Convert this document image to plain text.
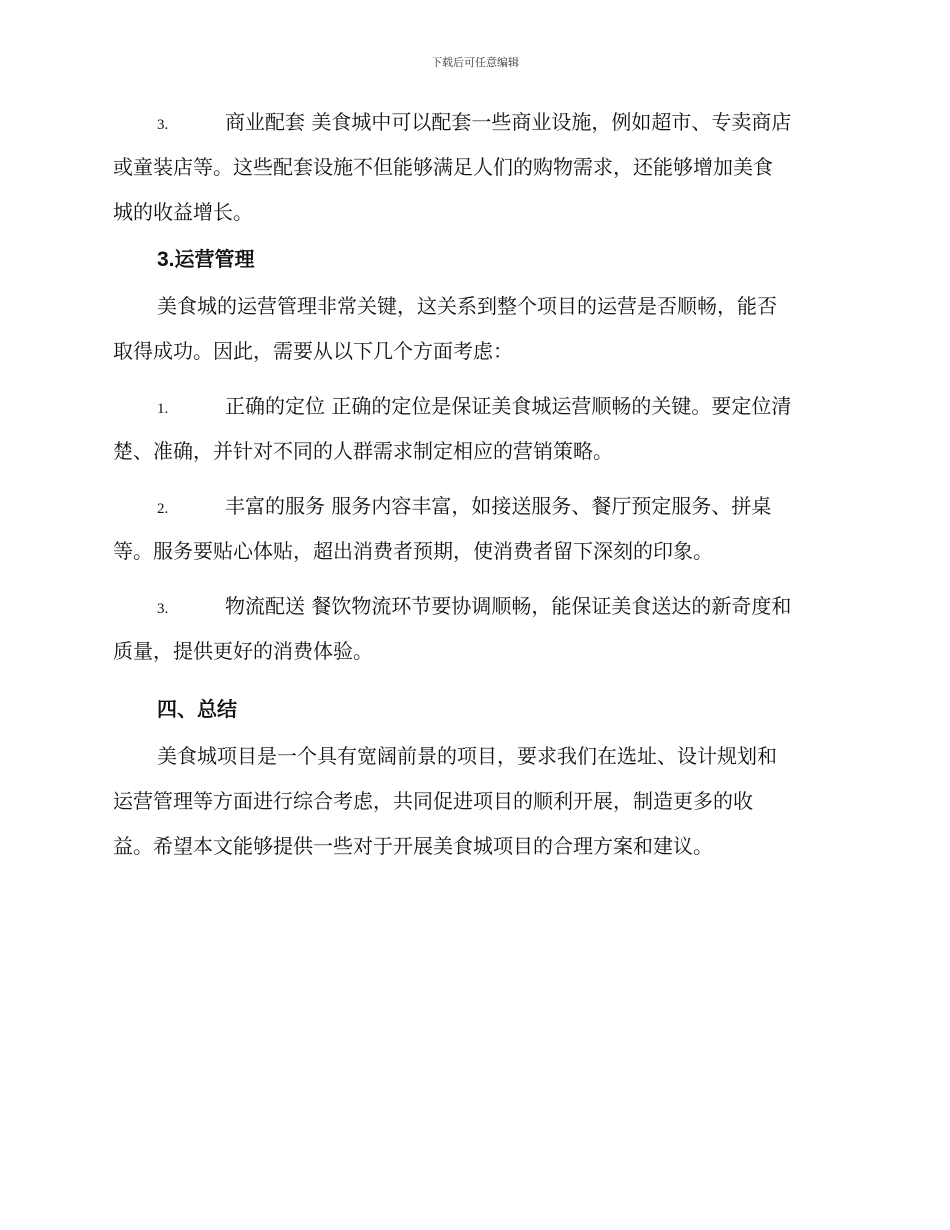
下载后可任意编辑
3.	商业配套 美食城中可以配套一些商业设施，例如超市、专卖商店
或童装店等。这些配套设施不但能够满足人们的购物需求，还能够增加美食
城的收益增长。
3.运营管理
美食城的运营管理非常关键，这关系到整个项目的运营是否顺畅，能否
取得成功。因此，需要从以下几个方面考虑：
1.	正确的定位 正确的定位是保证美食城运营顺畅的关键。要定位清
楚、准确，并针对不同的人群需求制定相应的营销策略。
2.	丰富的服务 服务内容丰富，如接送服务、餐厅预定服务、拼桌
等。服务要贴心体贴，超出消费者预期，使消费者留下深刻的印象。
3.	物流配送 餐饮物流环节要协调顺畅，能保证美食送达的新奇度和
质量，提供更好的消费体验。
四、总结
美食城项目是一个具有宽阔前景的项目，要求我们在选址、设计规划和
运营管理等方面进行综合考虑，共同促进项目的顺利开展，制造更多的收
益。希望本文能够提供一些对于开展美食城项目的合理方案和建议。
